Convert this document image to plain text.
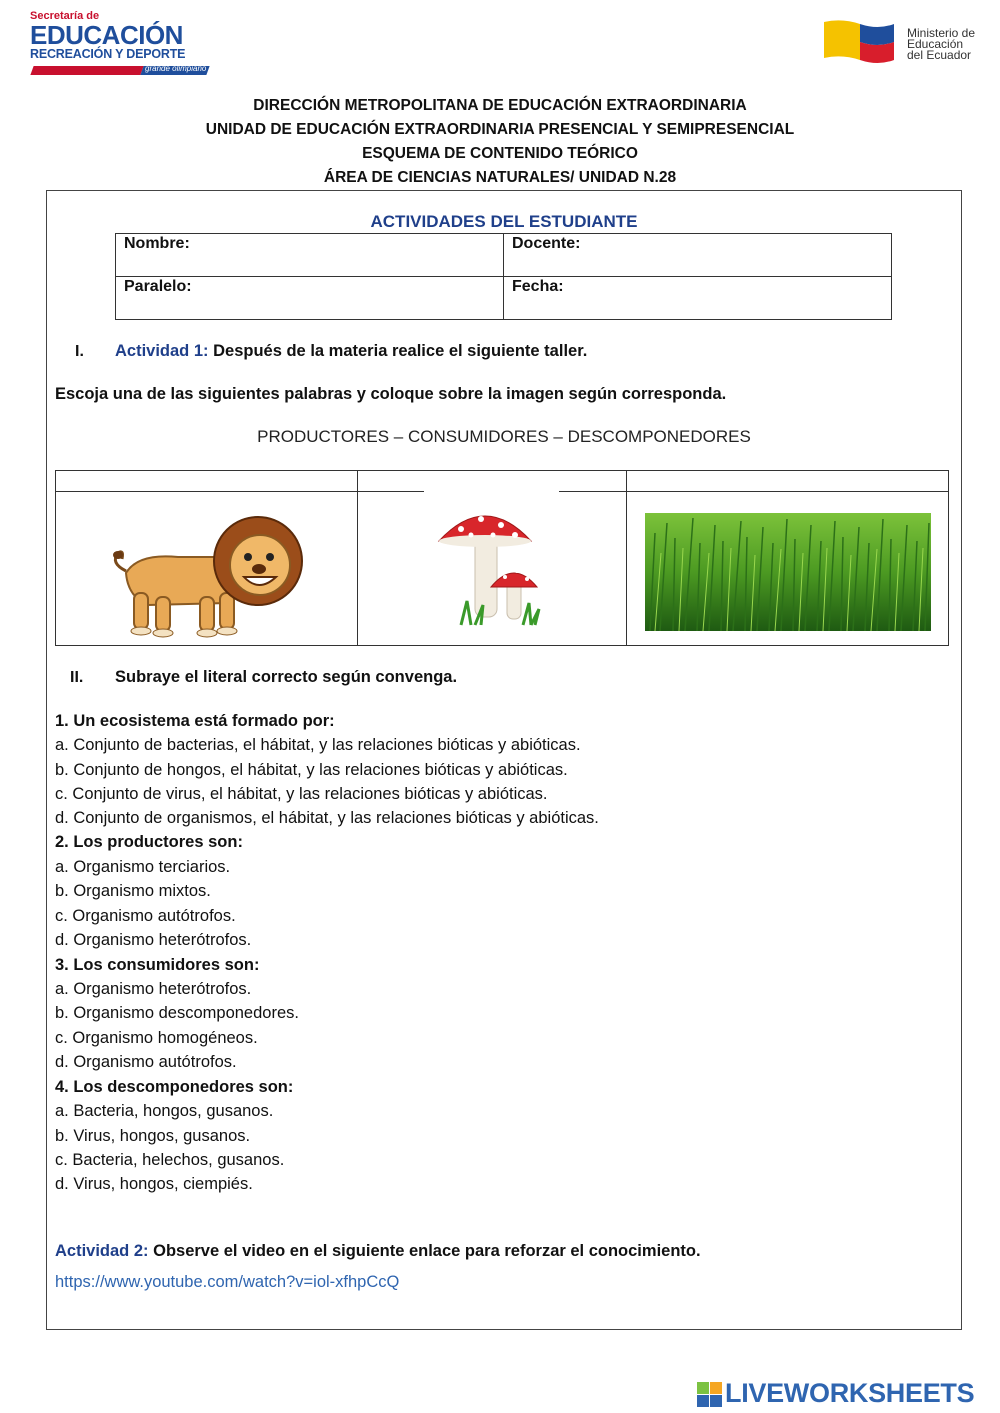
Secretaría de
EDUCACIÓN
RECREACIÓN Y DEPORTE
grande olimpiano
Ministerio de
Educación
del Ecuador
DIRECCIÓN METROPOLITANA DE EDUCACIÓN EXTRAORDINARIA
UNIDAD DE EDUCACIÓN EXTRAORDINARIA PRESENCIAL Y SEMIPRESENCIAL
ESQUEMA DE CONTENIDO TEÓRICO
ÁREA DE CIENCIAS NATURALES/ UNIDAD N.28
ACTIVIDADES DEL ESTUDIANTE
Nombre:	Docente:
Paralelo:	Fecha:
I. Actividad 1: Después de la materia realice el siguiente taller.
Escoja una de las siguientes palabras y coloque sobre la imagen según corresponda.
PRODUCTORES – CONSUMIDORES – DESCOMPONEDORES
II. Subraye el literal correcto según convenga.
1. Un ecosistema está formado por:
a. Conjunto de bacterias, el hábitat, y las relaciones bióticas y abióticas.
b. Conjunto de hongos, el hábitat, y las relaciones bióticas y abióticas.
c. Conjunto de virus, el hábitat, y las relaciones bióticas y abióticas.
d. Conjunto de organismos, el hábitat, y las relaciones bióticas y abióticas.
2. Los productores son:
a. Organismo terciarios.
b. Organismo mixtos.
c. Organismo autótrofos.
d. Organismo heterótrofos.
3. Los consumidores son:
a. Organismo heterótrofos.
b. Organismo descomponedores.
c. Organismo homogéneos.
d. Organismo autótrofos.
4. Los descomponedores son:
a. Bacteria, hongos, gusanos.
b. Virus, hongos, gusanos.
c. Bacteria, helechos, gusanos.
d. Virus, hongos, ciempiés.
Actividad 2: Observe el video en el siguiente enlace para reforzar el conocimiento.
https://www.youtube.com/watch?v=iol-xfhpCcQ
LIVEWORKSHEETS
